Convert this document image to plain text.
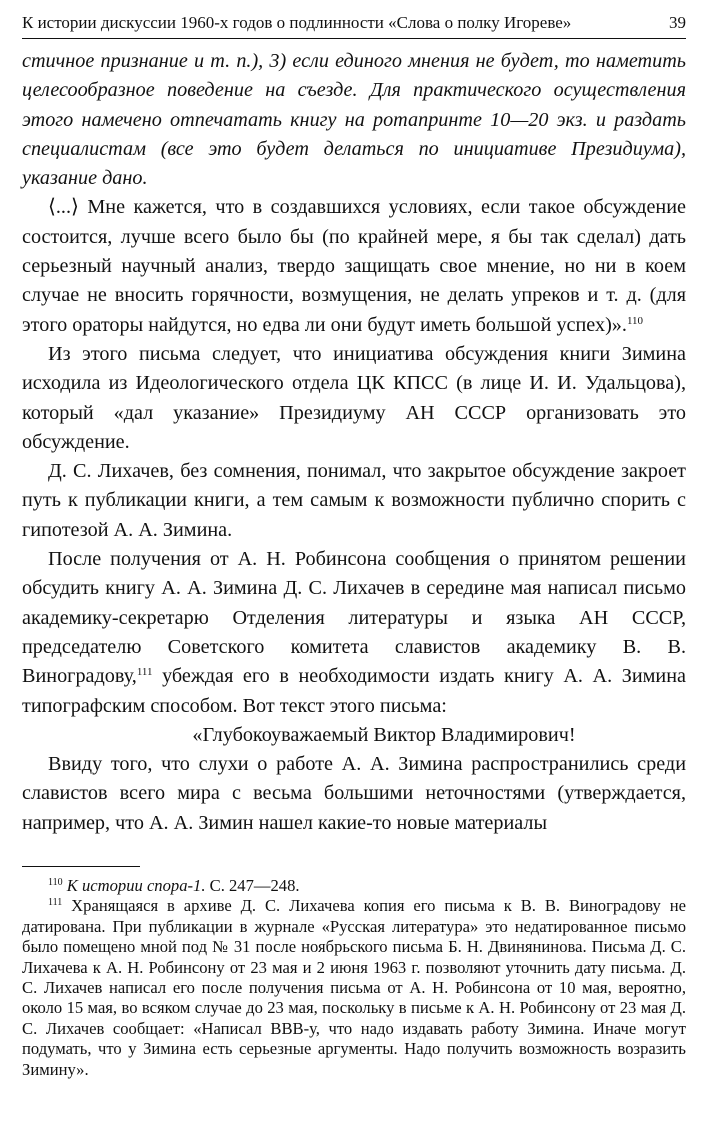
К истории дискуссии 1960-х годов о подлинности «Слова о полку Игореве»	39

стичное признание и т. п.), 3) если единого мнения не будет, то наметить целесообразное поведение на съезде. Для практического осуществления этого намечено отпечатать книгу на ротапринте 10—20 экз. и раздать специалистам (все это будет делаться по инициативе Президиума), указание дано.

⟨...⟩ Мне кажется, что в создавшихся условиях, если такое обсуждение состоится, лучше всего было бы (по крайней мере, я бы так сделал) дать серьезный научный анализ, твердо защищать свое мнение, но ни в коем случае не вносить горячности, возмущения, не делать упреков и т. д. (для этого ораторы найдутся, но едва ли они будут иметь большой успех)».$^{110}$

Из этого письма следует, что инициатива обсуждения книги Зимина исходила из Идеологического отдела ЦК КПСС (в лице И. И. Удальцова), который «дал указание» Президиуму АН СССР организовать это обсуждение.

Д. С. Лихачев, без сомнения, понимал, что закрытое обсуждение закроет путь к публикации книги, а тем самым к возможности публично спорить с гипотезой А. А. Зимина.

После получения от А. Н. Робинсона сообщения о принятом решении обсудить книгу А. А. Зимина Д. С. Лихачев в середине мая написал письмо академику-секретарю Отделения литературы и языка АН СССР, председателю Советского комитета славистов академику В. В. Виноградову,$^{111}$ убеждая его в необходимости издать книгу А. А. Зимина типографским способом. Вот текст этого письма:

«Глубокоуважаемый Виктор Владимирович!

Ввиду того, что слухи о работе А. А. Зимина распространились среди славистов всего мира с весьма большими неточностями (утверждается, например, что А. А. Зимин нашел какие-то новые материалы

$^{110}$ К истории спора-1. С. 247—248.

$^{111}$ Хранящаяся в архиве Д. С. Лихачева копия его письма к В. В. Виноградову не датирована. При публикации в журнале «Русская литература» это недатированное письмо было помещено мной под № 31 после ноябрьского письма Б. Н. Двинянинова. Письма Д. С. Лихачева к А. Н. Робинсону от 23 мая и 2 июня 1963 г. позволяют уточнить дату письма. Д. С. Лихачев написал его после получения письма от А. Н. Робинсона от 10 мая, вероятно, около 15 мая, во всяком случае до 23 мая, поскольку в письме к А. Н. Робинсону от 23 мая Д. С. Лихачев сообщает: «Написал ВВВ-у, что надо издавать работу Зимина. Иначе могут подумать, что у Зимина есть серьезные аргументы. Надо получить возможность возразить Зимину».
